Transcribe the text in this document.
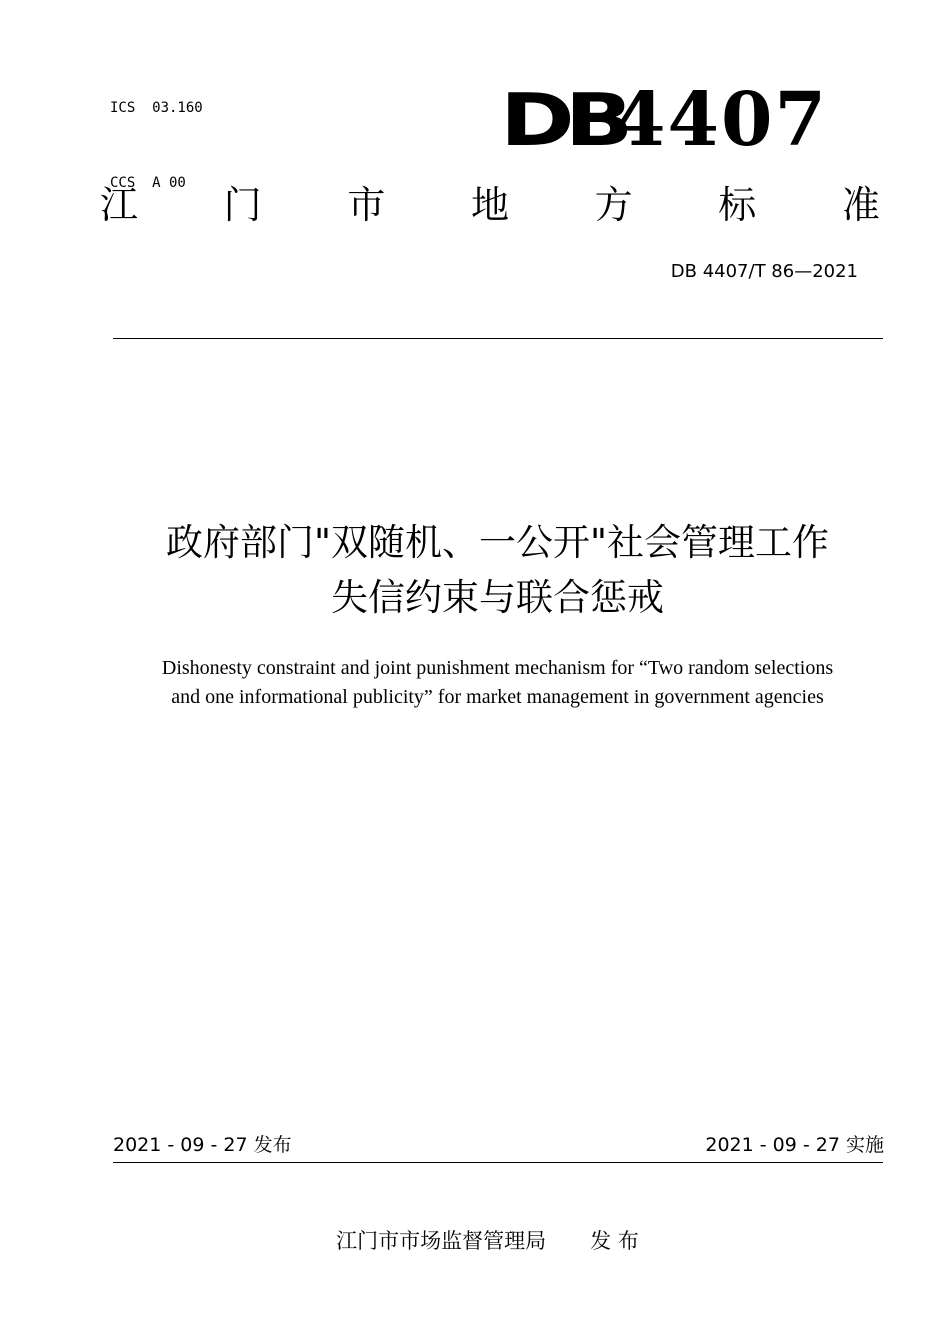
ICS  03.160

CCS  A 00

DB
4407
江 门 市 地 方 标 准
DB 4407/T 86—2021
政府部门"双随机、一公开"社会管理工作
失信约束与联合惩戒
Dishonesty constraint and joint punishment mechanism for “Two random selections
and one informational publicity” for market management in government agencies
2021 - 09 - 27 发布	2021 - 09 - 27 实施
江门市市场监督管理局 发 布
